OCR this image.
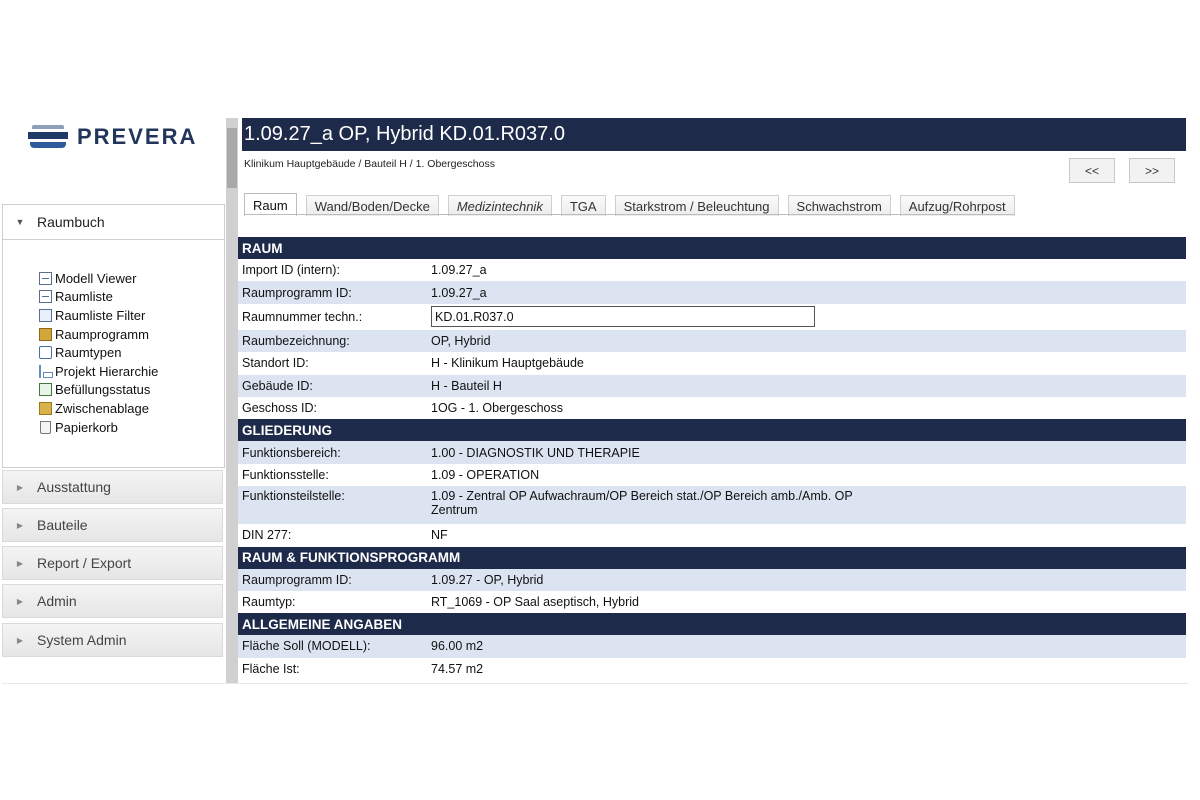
PREVERA
▼ Raumbuch
Modell Viewer
Raumliste
Raumliste Filter
Raumprogramm
Raumtypen
Projekt Hierarchie
Befüllungsstatus
Zwischenablage
Papierkorb
▶ Ausstattung
▶ Bauteile
▶ Report / Export
▶ Admin
▶ System Admin
1.09.27_a OP, Hybrid KD.01.R037.0
Klinikum Hauptgebäude / Bauteil H / 1. Obergeschoss	<<	>>
Raum	Wand/Boden/Decke	Medizintechnik	TGA	Starkstrom / Beleuchtung	Schwachstrom	Aufzug/Rohrpost
RAUM
Import ID (intern):	1.09.27_a
Raumprogramm ID:	1.09.27_a
Raumnummer techn.:
KD.01.R037.0
Raumbezeichnung:	OP, Hybrid
Standort ID:	H - Klinikum Hauptgebäude
Gebäude ID:	H - Bauteil H
Geschoss ID:	1OG - 1. Obergeschoss
GLIEDERUNG
Funktionsbereich:	1.00 - DIAGNOSTIK UND THERAPIE
Funktionsstelle:	1.09 - OPERATION
Funktionsteilstelle:	1.09 - Zentral OP Aufwachraum/OP Bereich stat./OP Bereich amb./Amb. OP
Zentrum
DIN 277:	NF
RAUM & FUNKTIONSPROGRAMM
Raumprogramm ID:	1.09.27 - OP, Hybrid
Raumtyp:	RT_1069 - OP Saal aseptisch, Hybrid
ALLGEMEINE ANGABEN
Fläche Soll (MODELL):	96.00 m2
Fläche Ist:	74.57 m2
